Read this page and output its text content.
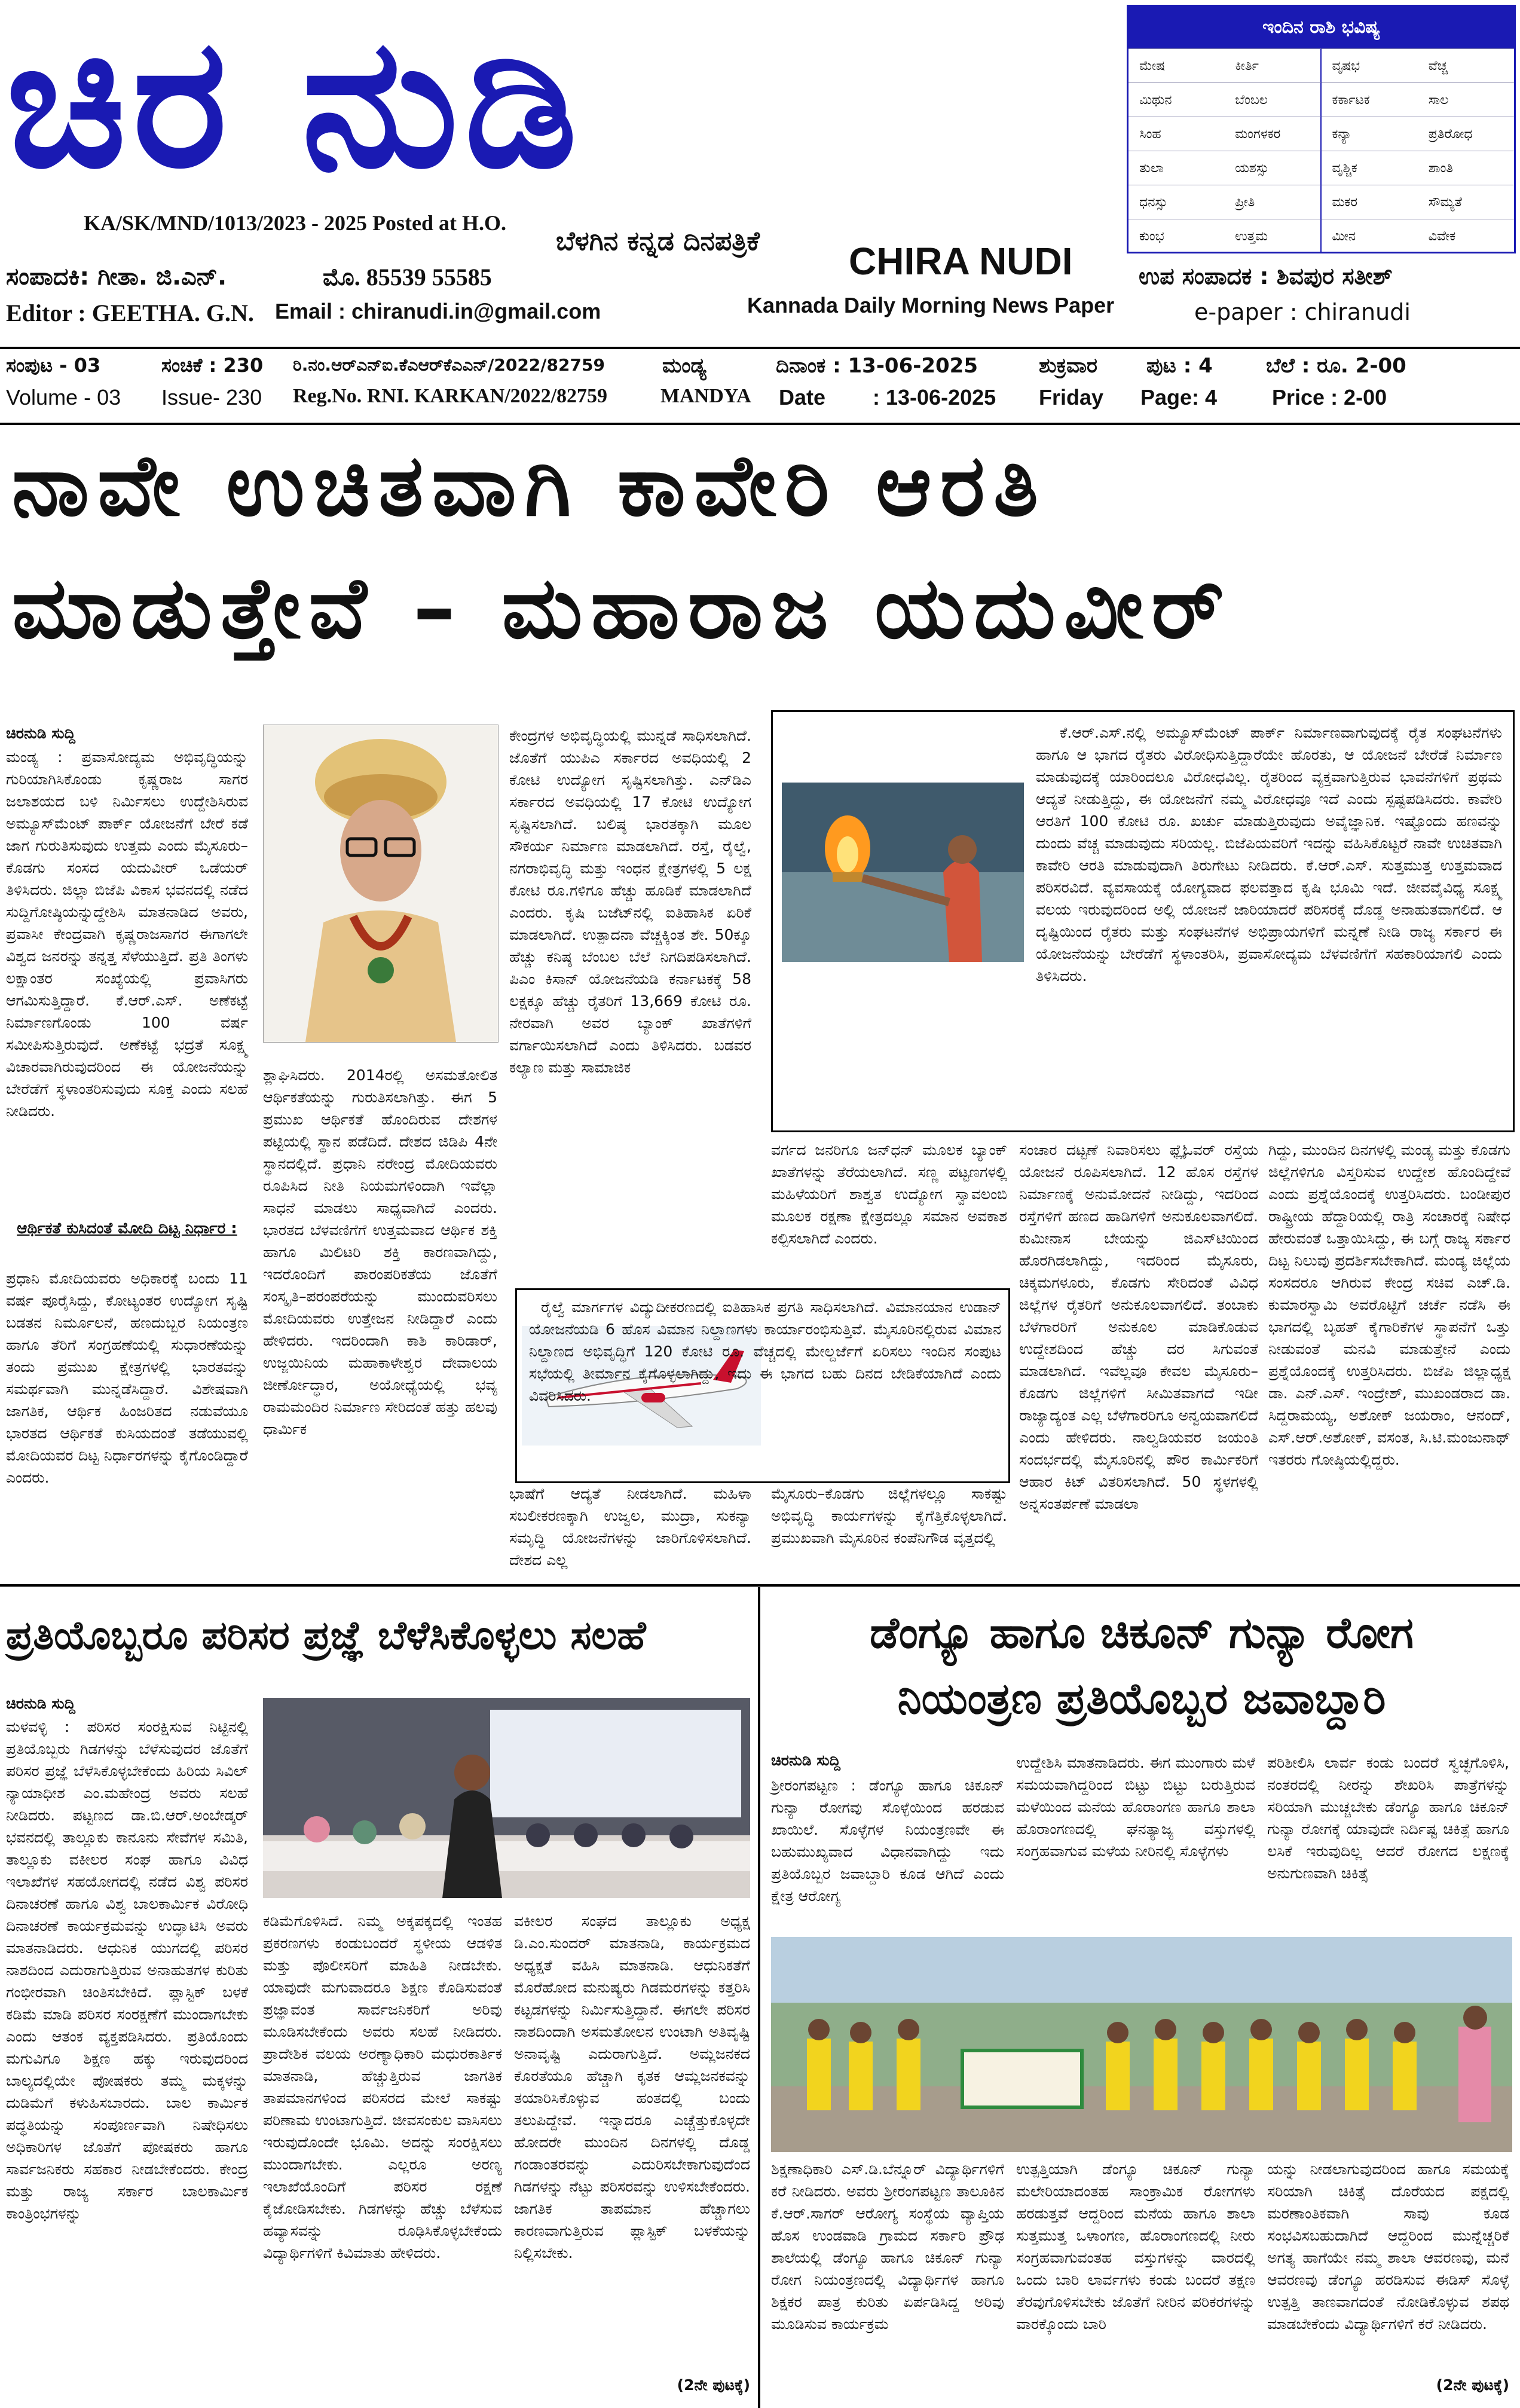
ಚಿರ ನುಡಿ
KA/SK/MND/1013/2023 - 2025 Posted at H.O.
ಬೆಳಗಿನ ಕನ್ನಡ ದಿನಪತ್ರಿಕೆ CHIRA NUDI
Kannada Daily Morning News Paper
ಸಂಪಾದಕಿ: ಗೀತಾ. ಜಿ.ಎನ್.	ಮೊ. 85539 55585
Editor : GEETHA. G.N. Email : chiranudi.in@gmail.com
ಉಪ ಸಂಪಾದಕ : ಶಿವಪುರ ಸತೀಶ್
e-paper : chiranudi
ಇಂದಿನ ರಾಶಿ ಭವಿಷ್ಯ
ಮೇಷ	ಕೀರ್ತಿ	ವೃಷಭ	ವೆಚ್ಚ
ಮಿಥುನ	ಬೆಂಬಲ	ಕರ್ಕಾಟಕ	ಸಾಲ
ಸಿಂಹ	ಮಂಗಳಕರ	ಕನ್ಯಾ	ಪ್ರತಿರೋಧ
ತುಲಾ	ಯಶಸ್ಸು	ವೃಶ್ಚಿಕ	ಶಾಂತಿ
ಧನಸ್ಸು	ಪ್ರೀತಿ	ಮಕರ	ಸೌಮ್ಯತೆ
ಕುಂಭ	ಉತ್ತಮ	ಮೀನ	ವಿವೇಕ
ಸಂಪುಟ - 03	ಸಂಚಿಕೆ : 230 ರಿ.ನಂ.ಆರ್‌ಎನ್‌ಐ.ಕೆಎಆರ್‌ಕೆಎಎನ್/2022/82759	ಮಂಡ್ಯ	ದಿನಾಂಕ : 13-06-2025	ಶುಕ್ರವಾರ ಪುಟ : 4	ಬೆಲೆ : ರೂ. 2-00
Volume - 03 Issue- 230 Reg.No. RNI. KARKAN/2022/82759	MANDYA Date : 13-06-2025 Friday Page: 4	Price : 2-00
ನಾವೇ ಉಚಿತವಾಗಿ ಕಾವೇರಿ ಆರತಿ
ಮಾಡುತ್ತೇವೆ – ಮಹಾರಾಜ ಯದುವೀರ್
ಚಿರನುಡಿ ಸುದ್ದಿ
ಮಂಡ್ಯ : ಪ್ರವಾಸೋದ್ಯಮ ಅಭಿವೃದ್ಧಿಯನ್ನು ಗುರಿಯಾಗಿಸಿಕೊಂಡು ಕೃಷ್ಣರಾಜ ಸಾಗರ ಜಲಾಶಯದ ಬಳಿ ನಿರ್ಮಿಸಲು ಉದ್ದೇಶಿಸಿರುವ ಅಮ್ಯೂಸ್‌ಮೆಂಟ್ ಪಾರ್ಕ್ ಯೋಜನೆಗೆ ಬೇರೆ ಕಡೆ ಜಾಗ ಗುರುತಿಸುವುದು ಉತ್ತಮ ಎಂದು ಮೈಸೂರು–ಕೊಡಗು ಸಂಸದ ಯದುವೀರ್ ಒಡೆಯರ್ ತಿಳಿಸಿದರು. ಜಿಲ್ಲಾ ಬಿಜೆಪಿ ವಿಕಾಸ ಭವನದಲ್ಲಿ ನಡೆದ ಸುದ್ದಿಗೋಷ್ಠಿಯನ್ನುದ್ದೇಶಿಸಿ ಮಾತನಾಡಿದ ಅವರು, ಪ್ರವಾಸೀ ಕೇಂದ್ರವಾಗಿ ಕೃಷ್ಣರಾಜಸಾಗರ ಈಗಾಗಲೇ ವಿಶ್ವದ ಜನರನ್ನು ತನ್ನತ್ತ ಸೆಳೆಯುತ್ತಿದೆ. ಪ್ರತಿ ತಿಂಗಳು ಲಕ್ಷಾಂತರ ಸಂಖ್ಯೆಯಲ್ಲಿ ಪ್ರವಾಸಿಗರು ಆಗಮಿಸುತ್ತಿದ್ದಾರೆ. ಕೆ.ಆರ್.ಎಸ್. ಅಣೆಕಟ್ಟೆ ನಿರ್ಮಾಣಗೊಂಡು 100 ವರ್ಷ ಸಮೀಪಿಸುತ್ತಿರುವುದೆ. ಅಣೆಕಟ್ಟೆ ಭದ್ರತೆ ಸೂಕ್ಷ್ಮ ವಿಚಾರವಾಗಿರುವುದರಿಂದ ಈ ಯೋಜನೆಯನ್ನು ಬೇರೆಡೆಗೆ ಸ್ಥಳಾಂತರಿಸುವುದು ಸೂಕ್ತ ಎಂದು ಸಲಹೆ ನೀಡಿದರು.
ಆರ್ಥಿಕತೆ ಕುಸಿದಂತೆ ಮೋದಿ ದಿಟ್ಟ ನಿರ್ಧಾರ :
ಪ್ರಧಾನಿ ಮೋದಿಯವರು ಅಧಿಕಾರಕ್ಕೆ ಬಂದು 11 ವರ್ಷ ಪೂರೈಸಿದ್ದು, ಕೋಟ್ಯಂತರ ಉದ್ಯೋಗ ಸೃಷ್ಟಿ ಬಡತನ ನಿರ್ಮೂಲನೆ, ಹಣದುಬ್ಬರ ನಿಯಂತ್ರಣ ಹಾಗೂ ತೆರಿಗೆ ಸಂಗ್ರಹಣೆಯಲ್ಲಿ ಸುಧಾರಣೆಯನ್ನು ತಂದು ಪ್ರಮುಖ ಕ್ಷೇತ್ರಗಳಲ್ಲಿ ಭಾರತವನ್ನು ಸಮರ್ಥವಾಗಿ ಮುನ್ನಡೆಸಿದ್ದಾರೆ. ವಿಶೇಷವಾಗಿ ಜಾಗತಿಕ, ಆರ್ಥಿಕ ಹಿಂಜರಿತದ ನಡುವೆಯೂ ಭಾರತದ ಆರ್ಥಿಕತೆ ಕುಸಿಯದಂತೆ ತಡೆಯುವಲ್ಲಿ ಮೋದಿಯವರ ದಿಟ್ಟ ನಿರ್ಧಾರಗಳನ್ನು ಕೈಗೊಂಡಿದ್ದಾರೆ ಎಂದರು.
ಶ್ಲಾಘಿಸಿದರು. 2014ರಲ್ಲಿ ಅಸಮತೋಲಿತ ಆರ್ಥಿಕತೆಯನ್ನು ಗುರುತಿಸಲಾಗಿತ್ತು. ಈಗ 5 ಪ್ರಮುಖ ಆರ್ಥಿಕತೆ ಹೊಂದಿರುವ ದೇಶಗಳ ಪಟ್ಟಿಯಲ್ಲಿ ಸ್ಥಾನ ಪಡೆದಿದೆ. ದೇಶದ ಜಿಡಿಪಿ 4ನೇ ಸ್ಥಾನದಲ್ಲಿದೆ. ಪ್ರಧಾನಿ ನರೇಂದ್ರ ಮೋದಿಯವರು ರೂಪಿಸಿದ ನೀತಿ ನಿಯಮಗಳಿಂದಾಗಿ ಇವೆಲ್ಲಾ ಸಾಧನೆ ಮಾಡಲು ಸಾಧ್ಯವಾಗಿದೆ ಎಂದರು. ಭಾರತದ ಬೆಳವಣಿಗೆಗೆ ಉತ್ತಮವಾದ ಆರ್ಥಿಕ ಶಕ್ತಿ ಹಾಗೂ ಮಿಲಿಟರಿ ಶಕ್ತಿ ಕಾರಣವಾಗಿದ್ದು, ಇದರೊಂದಿಗೆ ಪಾರಂಪರಿಕತೆಯ ಜೊತೆಗೆ ಸಂಸ್ಕೃತಿ–ಪರಂಪರೆಯನ್ನು ಮುಂದುವರಿಸಲು ಮೋದಿಯವರು ಉತ್ತೇಜನ ನೀಡಿದ್ದಾರೆ ಎಂದು ಹೇಳಿದರು. ಇದರಿಂದಾಗಿ ಕಾಶಿ ಕಾರಿಡಾರ್, ಉಜ್ಜಯಿನಿಯ ಮಹಾಕಾಳೇಶ್ವರ ದೇವಾಲಯ ಜೀರ್ಣೋದ್ಧಾರ, ಅಯೋಧ್ಯೆಯಲ್ಲಿ ಭವ್ಯ ರಾಮಮಂದಿರ ನಿರ್ಮಾಣ ಸೇರಿದಂತೆ ಹತ್ತು ಹಲವು ಧಾರ್ಮಿಕ
ಕೇಂದ್ರಗಳ ಅಭಿವೃದ್ಧಿಯಲ್ಲಿ ಮುನ್ನಡೆ ಸಾಧಿಸಲಾಗಿದೆ. ಜೊತೆಗೆ ಯುಪಿಎ ಸರ್ಕಾರದ ಅವಧಿಯಲ್ಲಿ 2 ಕೋಟಿ ಉದ್ಯೋಗ ಸೃಷ್ಟಿಸಲಾಗಿತ್ತು. ಎನ್‌ಡಿಎ ಸರ್ಕಾರದ ಅವಧಿಯಲ್ಲಿ 17 ಕೋಟಿ ಉದ್ಯೋಗ ಸೃಷ್ಟಿಸಲಾಗಿದೆ. ಬಲಿಷ್ಠ ಭಾರತಕ್ಕಾಗಿ ಮೂಲ ಸೌಕರ್ಯ ನಿರ್ಮಾಣ ಮಾಡಲಾಗಿದೆ. ರಸ್ತೆ, ರೈಲ್ವೆ, ನಗರಾಭಿವೃದ್ಧಿ ಮತ್ತು ಇಂಧನ ಕ್ಷೇತ್ರಗಳಲ್ಲಿ 5 ಲಕ್ಷ ಕೋಟಿ ರೂ.ಗಳಿಗೂ ಹೆಚ್ಚು ಹೂಡಿಕೆ ಮಾಡಲಾಗಿದೆ ಎಂದರು. ಕೃಷಿ ಬಜೆಟ್‌ನಲ್ಲಿ ಐತಿಹಾಸಿಕ ಏರಿಕೆ ಮಾಡಲಾಗಿದೆ. ಉತ್ಪಾದನಾ ವೆಚ್ಚಕ್ಕಿಂತ ಶೇ. 50ಕ್ಕೂ ಹೆಚ್ಚು ಕನಿಷ್ಠ ಬೆಂಬಲ ಬೆಲೆ ನಿಗದಿಪಡಿಸಲಾಗಿದೆ. ಪಿಎಂ ಕಿಸಾನ್ ಯೋಜನೆಯಡಿ ಕರ್ನಾಟಕಕ್ಕೆ 58 ಲಕ್ಷಕ್ಕೂ ಹೆಚ್ಚು ರೈತರಿಗೆ 13,669 ಕೋಟಿ ರೂ. ನೇರವಾಗಿ ಅವರ ಬ್ಯಾಂಕ್ ಖಾತೆಗಳಿಗೆ ವರ್ಗಾಯಿಸಲಾಗಿದೆ ಎಂದು ತಿಳಿಸಿದರು. ಬಡವರ ಕಲ್ಯಾಣ ಮತ್ತು ಸಾಮಾಜಿಕ
ಕೆ.ಆರ್.ಎಸ್.ನಲ್ಲಿ ಅಮ್ಯೂಸ್‌ಮೆಂಟ್ ಪಾರ್ಕ್ ನಿರ್ಮಾಣವಾಗುವುದಕ್ಕೆ ರೈತ ಸಂಘಟನೆಗಳು ಹಾಗೂ ಆ ಭಾಗದ ರೈತರು ವಿರೋಧಿಸುತ್ತಿದ್ದಾರೆಯೇ ಹೊರತು, ಆ ಯೋಜನೆ ಬೇರೆಡೆ ನಿರ್ಮಾಣ ಮಾಡುವುದಕ್ಕೆ ಯಾರಿಂದಲೂ ವಿರೋಧವಿಲ್ಲ. ರೈತರಿಂದ ವ್ಯಕ್ತವಾಗುತ್ತಿರುವ ಭಾವನೆಗಳಿಗೆ ಪ್ರಥಮ ಆದ್ಯತೆ ನೀಡುತ್ತಿದ್ದು, ಈ ಯೋಜನೆಗೆ ನಮ್ಮ ವಿರೋಧವೂ ಇದೆ ಎಂದು ಸ್ಪಷ್ಟಪಡಿಸಿದರು. ಕಾವೇರಿ ಆರತಿಗೆ 100 ಕೋಟಿ ರೂ. ಖರ್ಚು ಮಾಡುತ್ತಿರುವುದು ಅವೈಜ್ಞಾನಿಕ. ಇಷ್ಟೊಂದು ಹಣವನ್ನು ದುಂದು ವೆಚ್ಚ ಮಾಡುವುದು ಸರಿಯಲ್ಲ. ಬಿಜೆಪಿಯವರಿಗೆ ಇದನ್ನು ವಹಿಸಿಕೊಟ್ಟರೆ ನಾವೇ ಉಚಿತವಾಗಿ ಕಾವೇರಿ ಆರತಿ ಮಾಡುವುದಾಗಿ ತಿರುಗೇಟು ನೀಡಿದರು. ಕೆ.ಆರ್.ಎಸ್. ಸುತ್ತಮುತ್ತ ಉತ್ತಮವಾದ ಪರಿಸರವಿದೆ. ವ್ಯವಸಾಯಕ್ಕೆ ಯೋಗ್ಯವಾದ ಫಲವತ್ತಾದ ಕೃಷಿ ಭೂಮಿ ಇದೆ. ಜೀವವೈವಿಧ್ಯ ಸೂಕ್ಷ್ಮ ವಲಯ ಇರುವುದರಿಂದ ಅಲ್ಲಿ ಯೋಜನೆ ಜಾರಿಯಾದರೆ ಪರಿಸರಕ್ಕೆ ದೊಡ್ಡ ಅನಾಹುತವಾಗಲಿದೆ. ಆ ದೃಷ್ಟಿಯಿಂದ ರೈತರು ಮತ್ತು ಸಂಘಟನೆಗಳ ಅಭಿಪ್ರಾಯಗಳಿಗೆ ಮನ್ನಣೆ ನೀಡಿ ರಾಜ್ಯ ಸರ್ಕಾರ ಈ ಯೋಜನೆಯನ್ನು ಬೇರೆಡೆಗೆ ಸ್ಥಳಾಂತರಿಸಿ, ಪ್ರವಾಸೋದ್ಯಮ ಬೆಳವಣಿಗೆಗೆ ಸಹಕಾರಿಯಾಗಲಿ ಎಂದು ತಿಳಿಸಿದರು.
ವರ್ಗದ ಜನರಿಗೂ ಜನ್‌ಧನ್ ಮೂಲಕ ಬ್ಯಾಂಕ್ ಖಾತೆಗಳನ್ನು ತೆರೆಯಲಾಗಿದೆ. ಸಣ್ಣ ಪಟ್ಟಣಗಳಲ್ಲಿ ಮಹಿಳೆಯರಿಗೆ ಶಾಶ್ವತ ಉದ್ಯೋಗ ಸ್ವಾವಲಂಬಿ ಮೂಲಕ ರಕ್ಷಣಾ ಕ್ಷೇತ್ರದಲ್ಲೂ ಸಮಾನ ಅವಕಾಶ ಕಲ್ಪಿಸಲಾಗಿದೆ ಎಂದರು.
ಸಂಚಾರ ದಟ್ಟಣೆ ನಿವಾರಿಸಲು ಫ್ಲೈಓವರ್ ರಸ್ತೆಯ ಯೋಜನೆ ರೂಪಿಸಲಾಗಿದೆ. 12 ಹೊಸ ರಸ್ತೆಗಳ ನಿರ್ಮಾಣಕ್ಕೆ ಅನುಮೋದನೆ ನೀಡಿದ್ದು, ಇದರಿಂದ ರಸ್ತೆಗಳಿಗೆ ಹಣದ ಹಾಡಿಗಳಿಗೆ ಅನುಕೂಲವಾಗಲಿದೆ. ಕುಮೀನಾಸ ಬೇಯನ್ನು ಜಿಎಸ್‌ಟಿಯಿಂದ ಹೊರಗಿಡಲಾಗಿದ್ದು, ಇದರಿಂದ ಮೈಸೂರು, ಚಿಕ್ಕಮಗಳೂರು, ಕೊಡಗು ಸೇರಿದಂತೆ ವಿವಿಧ ಜಿಲ್ಲೆಗಳ ರೈತರಿಗೆ ಅನುಕೂಲವಾಗಲಿದೆ. ತಂಬಾಕು ಬೆಳೆಗಾರರಿಗೆ ಅನುಕೂಲ ಮಾಡಿಕೊಡುವ ಉದ್ದೇಶದಿಂದ ಹೆಚ್ಚು ದರ ಸಿಗುವಂತೆ ಮಾಡಲಾಗಿದೆ. ಇವೆಲ್ಲವೂ ಕೇವಲ ಮೈಸೂರು–ಕೊಡಗು ಜಿಲ್ಲೆಗಳಿಗೆ ಸೀಮಿತವಾಗದೆ ಇಡೀ ರಾಜ್ಯಾದ್ಯಂತ ಎಲ್ಲ ಬೆಳೆಗಾರರಿಗೂ ಅನ್ವಯವಾಗಲಿದೆ ಎಂದು ಹೇಳಿದರು. ನಾಲ್ವಡಿಯವರ ಜಯಂತಿ ಸಂದರ್ಭದಲ್ಲಿ ಮೈಸೂರಿನಲ್ಲಿ ಪೌರ ಕಾರ್ಮಿಕರಿಗೆ ಆಹಾರ ಕಿಟ್ ವಿತರಿಸಲಾಗಿದೆ. 50 ಸ್ಥಳಗಳಲ್ಲಿ ಅನ್ನಸಂತರ್ಪಣೆ ಮಾಡಲಾ
ಗಿದ್ದು, ಮುಂದಿನ ದಿನಗಳಲ್ಲಿ ಮಂಡ್ಯ ಮತ್ತು ಕೊಡಗು ಜಿಲ್ಲೆಗಳಿಗೂ ವಿಸ್ತರಿಸುವ ಉದ್ದೇಶ ಹೊಂದಿದ್ದೇವೆ ಎಂದು ಪ್ರಶ್ನೆಯೊಂದಕ್ಕೆ ಉತ್ತರಿಸಿದರು. ಬಂಡೀಪುರ ರಾಷ್ಟ್ರೀಯ ಹೆದ್ದಾರಿಯಲ್ಲಿ ರಾತ್ರಿ ಸಂಚಾರಕ್ಕೆ ನಿಷೇಧ ಹೇರುವಂತೆ ಒತ್ತಾಯಿಸಿದ್ದು, ಈ ಬಗ್ಗೆ ರಾಜ್ಯ ಸರ್ಕಾರ ದಿಟ್ಟ ನಿಲುವು ಪ್ರದರ್ಶಿಸಬೇಕಾಗಿದೆ. ಮಂಡ್ಯ ಜಿಲ್ಲೆಯ ಸಂಸದರೂ ಆಗಿರುವ ಕೇಂದ್ರ ಸಚಿವ ಎಚ್.ಡಿ. ಕುಮಾರಸ್ವಾಮಿ ಅವರೊಟ್ಟಿಗೆ ಚರ್ಚೆ ನಡೆಸಿ ಈ ಭಾಗದಲ್ಲಿ ಬೃಹತ್ ಕೈಗಾರಿಕೆಗಳ ಸ್ಥಾಪನೆಗೆ ಒತ್ತು ನೀಡುವಂತೆ ಮನವಿ ಮಾಡುತ್ತೇನೆ ಎಂದು ಪ್ರಶ್ನೆಯೊಂದಕ್ಕೆ ಉತ್ತರಿಸಿದರು. ಬಿಜೆಪಿ ಜಿಲ್ಲಾಧ್ಯಕ್ಷ ಡಾ. ಎನ್.ಎಸ್. ಇಂದ್ರೇಶ್, ಮುಖಂಡರಾದ ಡಾ. ಸಿದ್ದರಾಮಯ್ಯ, ಅಶೋಕ್ ಜಯರಾಂ, ಆನಂದ್, ಎಸ್.ಆರ್.ಅಶೋಕ್, ವಸಂತ, ಸಿ.ಟಿ.ಮಂಜುನಾಥ್ ಇತರರು ಗೋಷ್ಠಿಯಲ್ಲಿದ್ದರು.
ರೈಲ್ವೆ ಮಾರ್ಗಗಳ ವಿದ್ಯುದೀಕರಣದಲ್ಲಿ ಐತಿಹಾಸಿಕ ಪ್ರಗತಿ ಸಾಧಿಸಲಾಗಿದೆ. ವಿಮಾನಯಾನ ಉಡಾನ್ ಯೋಜನೆಯಡಿ 6 ಹೊಸ ವಿಮಾನ ನಿಲ್ದಾಣಗಳು ಕಾರ್ಯಾರಂಭಿಸುತ್ತಿವೆ. ಮೈಸೂರಿನಲ್ಲಿರುವ ವಿಮಾನ ನಿಲ್ದಾಣದ ಅಭಿವೃದ್ಧಿಗೆ 120 ಕೋಟಿ ರೂ. ವೆಚ್ಚದಲ್ಲಿ ಮೇಲ್ದರ್ಜೆಗೆ ಏರಿಸಲು ಇಂದಿನ ಸಂಪುಟ ಸಭೆಯಲ್ಲಿ ತೀರ್ಮಾನ ಕೈಗೊಳ್ಳಲಾಗಿದ್ದು, ಇದು ಈ ಭಾಗದ ಬಹು ದಿನದ ಬೇಡಿಕೆಯಾಗಿದೆ ಎಂದು ವಿವರಿಸಿದರು.
ಭಾಷೆಗೆ ಆದ್ಯತೆ ನೀಡಲಾಗಿದೆ. ಮಹಿಳಾ ಸಬಲೀಕರಣಕ್ಕಾಗಿ ಉಜ್ವಲ, ಮುದ್ರಾ, ಸುಕನ್ಯಾ ಸಮೃದ್ಧಿ ಯೋಜನೆಗಳನ್ನು ಜಾರಿಗೊಳಿಸಲಾಗಿದೆ. ದೇಶದ ಎಲ್ಲ
ಮೈಸೂರು–ಕೊಡಗು ಜಿಲ್ಲೆಗಳಲ್ಲೂ ಸಾಕಷ್ಟು ಅಭಿವೃದ್ಧಿ ಕಾರ್ಯಗಳನ್ನು ಕೈಗೆತ್ತಿಕೊಳ್ಳಲಾಗಿದೆ. ಪ್ರಮುಖವಾಗಿ ಮೈಸೂರಿನ ಕಂಪೆನಿಗೌಡ ವೃತ್ತದಲ್ಲಿ
ಪ್ರತಿಯೊಬ್ಬರೂ ಪರಿಸರ ಪ್ರಜ್ಞೆ ಬೆಳೆಸಿಕೊಳ್ಳಲು ಸಲಹೆ
ಚಿರನುಡಿ ಸುದ್ದಿ
ಮಳವಳ್ಳಿ : ಪರಿಸರ ಸಂರಕ್ಷಿಸುವ ನಿಟ್ಟಿನಲ್ಲಿ ಪ್ರತಿಯೊಬ್ಬರು ಗಿಡಗಳನ್ನು ಬೆಳೆಸುವುದರ ಜೊತೆಗೆ ಪರಿಸರ ಪ್ರಜ್ಞೆ ಬೆಳೆಸಿಕೊಳ್ಳಬೇಕೆಂದು ಹಿರಿಯ ಸಿವಿಲ್ ನ್ಯಾಯಾಧೀಶ ಎಂ.ಮಹೇಂದ್ರ ಅವರು ಸಲಹೆ ನೀಡಿದರು. ಪಟ್ಟಣದ ಡಾ.ಬಿ.ಆರ್.ಅಂಬೇಡ್ಕರ್ ಭವನದಲ್ಲಿ ತಾಲ್ಲೂಕು ಕಾನೂನು ಸೇವೆಗಳ ಸಮಿತಿ, ತಾಲ್ಲೂಕು ವಕೀಲರ ಸಂಘ ಹಾಗೂ ವಿವಿಧ ಇಲಾಖೆಗಳ ಸಹಯೋಗದಲ್ಲಿ ನಡೆದ ವಿಶ್ವ ಪರಿಸರ ದಿನಾಚರಣೆ ಹಾಗೂ ವಿಶ್ವ ಬಾಲಕಾರ್ಮಿಕ ವಿರೋಧಿ ದಿನಾಚರಣೆ ಕಾರ್ಯಕ್ರಮವನ್ನು ಉದ್ಘಾಟಿಸಿ ಅವರು ಮಾತನಾಡಿದರು. ಆಧುನಿಕ ಯುಗದಲ್ಲಿ ಪರಿಸರ ನಾಶದಿಂದ ಎದುರಾಗುತ್ತಿರುವ ಅನಾಹುತಗಳ ಕುರಿತು ಗಂಭೀರವಾಗಿ ಚಿಂತಿಸಬೇಕಿದೆ. ಪ್ಲಾಸ್ಟಿಕ್ ಬಳಕೆ ಕಡಿಮೆ ಮಾಡಿ ಪರಿಸರ ಸಂರಕ್ಷಣೆಗೆ ಮುಂದಾಗಬೇಕು ಎಂದು ಆತಂಕ ವ್ಯಕ್ತಪಡಿಸಿದರು. ಪ್ರತಿಯೊಂದು ಮಗುವಿಗೂ ಶಿಕ್ಷಣ ಹಕ್ಕು ಇರುವುದರಿಂದ ಬಾಲ್ಯದಲ್ಲಿಯೇ ಪೋಷಕರು ತಮ್ಮ ಮಕ್ಕಳನ್ನು ದುಡಿಮೆಗೆ ಕಳುಹಿಸಬಾರದು. ಬಾಲ ಕಾರ್ಮಿಕ ಪದ್ಧತಿಯನ್ನು ಸಂಪೂರ್ಣವಾಗಿ ನಿಷೇಧಿಸಲು ಅಧಿಕಾರಿಗಳ ಜೊತೆಗೆ ಪೋಷಕರು ಹಾಗೂ ಸಾರ್ವಜನಿಕರು ಸಹಕಾರ ನೀಡಬೇಕೆಂದರು. ಕೇಂದ್ರ ಮತ್ತು ರಾಜ್ಯ ಸರ್ಕಾರ ಬಾಲಕಾರ್ಮಿಕ ಕಾಂತ್ರಿಂಭಗಳನ್ನು
ಕಡಿಮೆಗೊಳಿಸಿದೆ. ನಿಮ್ಮ ಅಕ್ಕಪಕ್ಕದಲ್ಲಿ ಇಂತಹ ಪ್ರಕರಣಗಳು ಕಂಡುಬಂದರೆ ಸ್ಥಳೀಯ ಆಡಳಿತ ಮತ್ತು ಪೊಲೀಸರಿಗೆ ಮಾಹಿತಿ ನೀಡಬೇಕು. ಯಾವುದೇ ಮಗುವಾದರೂ ಶಿಕ್ಷಣ ಕೊಡಿಸುವಂತೆ ಪ್ರಜ್ಞಾವಂತ ಸಾರ್ವಜನಿಕರಿಗೆ ಅರಿವು ಮೂಡಿಸಬೇಕೆಂದು ಅವರು ಸಲಹೆ ನೀಡಿದರು. ಪ್ರಾದೇಶಿಕ ವಲಯ ಅರಣ್ಯಾಧಿಕಾರಿ ಮಧುರಕಾರ್ತಿಕ ಮಾತನಾಡಿ, ಹೆಚ್ಚುತ್ತಿರುವ ಜಾಗತಿಕ ತಾಪಮಾನಗಳಿಂದ ಪರಿಸರದ ಮೇಲೆ ಸಾಕಷ್ಟು ಪರಿಣಾಮ ಉಂಟಾಗುತ್ತಿದೆ. ಜೀವಸಂಕುಲ ವಾಸಿಸಲು ಇರುವುದೊಂದೇ ಭೂಮಿ. ಅದನ್ನು ಸಂರಕ್ಷಿಸಲು ಮುಂದಾಗಬೇಕು. ಎಲ್ಲರೂ ಅರಣ್ಯ ಇಲಾಖೆಯೊಂದಿಗೆ ಪರಿಸರ ರಕ್ಷಣೆ ಕೈಜೋಡಿಸಬೇಕು. ಗಿಡಗಳನ್ನು ಹೆಚ್ಚು ಬೆಳೆಸುವ ಹವ್ಯಾಸವನ್ನು ರೂಢಿಸಿಕೊಳ್ಳಬೇಕೆಂದು ವಿದ್ಯಾರ್ಥಿಗಳಿಗೆ ಕಿವಿಮಾತು ಹೇಳಿದರು.
ವಕೀಲರ ಸಂಘದ ತಾಲ್ಲೂಕು ಅಧ್ಯಕ್ಷ ಡಿ.ಎಂ.ಸುಂದರ್ ಮಾತನಾಡಿ, ಕಾರ್ಯಕ್ರಮದ ಅಧ್ಯಕ್ಷತೆ ವಹಿಸಿ ಮಾತನಾಡಿ. ಆಧುನಿಕತೆಗೆ ಮೊರೆಹೋದ ಮನುಷ್ಯರು ಗಿಡಮರಗಳನ್ನು ಕತ್ತರಿಸಿ ಕಟ್ಟಡಗಳನ್ನು ನಿರ್ಮಿಸುತ್ತಿದ್ದಾನೆ. ಈಗಲೇ ಪರಿಸರ ನಾಶದಿಂದಾಗಿ ಅಸಮತೋಲನ ಉಂಟಾಗಿ ಅತಿವೃಷ್ಟಿ ಅನಾವೃಷ್ಟಿ ಎದುರಾಗುತ್ತಿದೆ. ಅಮ್ಲಜನಕದ ಕೊರತೆಯೂ ಹೆಚ್ಚಾಗಿ ಕೃತಕ ಆಮ್ಲಜನಕವನ್ನು ತಯಾರಿಸಿಕೊಳ್ಳುವ ಹಂತದಲ್ಲಿ ಬಂದು ತಲುಪಿದ್ದೇವೆ. ಇನ್ನಾದರೂ ಎಚ್ಚೆತ್ತುಕೊಳ್ಳದೇ ಹೋದರೇ ಮುಂದಿನ ದಿನಗಳಲ್ಲಿ ದೊಡ್ಡ ಗಂಡಾಂತರವನ್ನು ಎದುರಿಸಬೇಕಾಗುವುದೆಂದ ಗಿಡಗಳನ್ನು ನೆಟ್ಟು ಪರಿಸರವನ್ನು ಉಳಿಸಬೇಕೆಂದರು. ಜಾಗತಿಕ ತಾಪಮಾನ ಹೆಚ್ಚಾಗಲು ಕಾರಣವಾಗುತ್ತಿರುವ ಪ್ಲಾಸ್ಟಿಕ್ ಬಳಕೆಯನ್ನು ನಿಲ್ಲಿಸಬೇಕು.
(2ನೇ ಪುಟಕ್ಕೆ)
ಡೆಂಗ್ಯೂ ಹಾಗೂ ಚಿಕೂನ್ ಗುನ್ಯಾ ರೋಗ
ನಿಯಂತ್ರಣ ಪ್ರತಿಯೊಬ್ಬರ ಜವಾಬ್ದಾರಿ
ಚಿರನುಡಿ ಸುದ್ದಿ
ಶ್ರೀರಂಗಪಟ್ಟಣ : ಡೆಂಗ್ಯೂ ಹಾಗೂ ಚಿಕೂನ್ ಗುನ್ಯಾ ರೋಗವು ಸೊಳ್ಳೆಯಿಂದ ಹರಡುವ ಖಾಯಿಲೆ. ಸೊಳ್ಳೆಗಳ ನಿಯಂತ್ರಣವೇ ಈ ಬಹುಮುಖ್ಯವಾದ ವಿಧಾನವಾಗಿದ್ದು ಇದು ಪ್ರತಿಯೊಬ್ಬರ ಜವಾಬ್ದಾರಿ ಕೂಡ ಆಗಿದೆ ಎಂದು ಕ್ಷೇತ್ರ ಆರೋಗ್ಯ
ಉದ್ದೇಶಿಸಿ ಮಾತನಾಡಿದರು. ಈಗ ಮುಂಗಾರು ಮಳೆ ಸಮಯವಾಗಿದ್ದರಿಂದ ಬಿಟ್ಟು ಬಿಟ್ಟು ಬರುತ್ತಿರುವ ಮಳೆಯಿಂದ ಮನೆಯ ಹೊರಾಂಗಣ ಹಾಗೂ ಶಾಲಾ ಹೊರಾಂಗಣದಲ್ಲಿ ಘನತ್ಯಾಜ್ಯ ವಸ್ತುಗಳಲ್ಲಿ ಸಂಗ್ರಹವಾಗುವ ಮಳೆಯ ನೀರಿನಲ್ಲಿ ಸೊಳ್ಳೆಗಳು
ಪರಿಶೀಲಿಸಿ ಲಾರ್ವ ಕಂಡು ಬಂದರೆ ಸ್ವಚ್ಛಗೊಳಿಸಿ, ನಂತರದಲ್ಲಿ ನೀರನ್ನು ಶೇಖರಿಸಿ ಪಾತ್ರೆಗಳನ್ನು ಸರಿಯಾಗಿ ಮುಚ್ಚಬೇಕು ಡೆಂಗ್ಯೂ ಹಾಗೂ ಚಿಕೂನ್ ಗುನ್ಯಾ ರೋಗಕ್ಕೆ ಯಾವುದೇ ನಿರ್ದಿಷ್ಟ ಚಿಕಿತ್ಸೆ ಹಾಗೂ ಲಸಿಕೆ ಇರುವುದಿಲ್ಲ ಆದರೆ ರೋಗದ ಲಕ್ಷಣಕ್ಕೆ ಅನುಗುಣವಾಗಿ ಚಿಕಿತ್ಸೆ
ಶಿಕ್ಷಣಾಧಿಕಾರಿ ಎಸ್.ಡಿ.ಬೆನ್ನೂರ್ ವಿದ್ಯಾರ್ಥಿಗಳಿಗೆ ಕರೆ ನೀಡಿದರು. ಅವರು ಶ್ರೀರಂಗಪಟ್ಟಣ ತಾಲೂಕಿನ ಕೆ.ಆರ್.ಸಾಗರ್ ಆರೋಗ್ಯ ಸಂಸ್ಥೆಯ ವ್ಯಾಪ್ತಿಯ ಹೊಸ ಉಂಡವಾಡಿ ಗ್ರಾಮದ ಸರ್ಕಾರಿ ಪ್ರೌಢ ಶಾಲೆಯಲ್ಲಿ ಡೆಂಗ್ಯೂ ಹಾಗೂ ಚಿಕೂನ್ ಗುನ್ಯಾ ರೋಗ ನಿಯಂತ್ರಣದಲ್ಲಿ ವಿದ್ಯಾರ್ಥಿಗಳ ಹಾಗೂ ಶಿಕ್ಷಕರ ಪಾತ್ರ ಕುರಿತು ಏರ್ಪಡಿಸಿದ್ದ ಅರಿವು ಮೂಡಿಸುವ ಕಾರ್ಯಕ್ರಮ
ಉತ್ಪತ್ತಿಯಾಗಿ ಡೆಂಗ್ಯೂ ಚಿಕೂನ್ ಗುನ್ಯಾ ಮಲೇರಿಯಾದಂತಹ ಸಾಂಕ್ರಾಮಿಕ ರೋಗಗಳು ಹರಡುತ್ತವೆ ಆದ್ದರಿಂದ ಮನೆಯ ಹಾಗೂ ಶಾಲಾ ಸುತ್ತಮುತ್ತ ಒಳಾಂಗಣ, ಹೊರಾಂಗಣದಲ್ಲಿ ನೀರು ಸಂಗ್ರಹವಾಗುವಂತಹ ವಸ್ತುಗಳನ್ನು ವಾರದಲ್ಲಿ ಒಂದು ಬಾರಿ ಲಾರ್ವಗಳು ಕಂಡು ಬಂದರೆ ತಕ್ಷಣ ತೆರವುಗೊಳಿಸಬೇಕು ಜೊತೆಗೆ ನೀರಿನ ಪರಿಕರಗಳನ್ನು ವಾರಕ್ಕೊಂದು ಬಾರಿ
ಯನ್ನು ನೀಡಲಾಗುವುದರಿಂದ ಹಾಗೂ ಸಮಯಕ್ಕೆ ಸರಿಯಾಗಿ ಚಿಕಿತ್ಸೆ ದೊರೆಯದ ಪಕ್ಷದಲ್ಲಿ ಮರಣಾಂತಿಕವಾಗಿ ಸಾವು ಕೂಡ ಸಂಭವಿಸಬಹುದಾಗಿದೆ ಆದ್ದರಿಂದ ಮುನ್ನೆಚ್ಚರಿಕೆ ಅಗತ್ಯ ಹಾಗೆಯೇ ನಮ್ಮ ಶಾಲಾ ಆವರಣವು, ಮನೆ ಆವರಣವು ಡೆಂಗ್ಯೂ ಹರಡಿಸುವ ಈಡಿಸ್ ಸೊಳ್ಳೆ ಉತ್ಪತ್ತಿ ತಾಣವಾಗದಂತೆ ನೋಡಿಕೊಳ್ಳುವ ಶಪಥ ಮಾಡಬೇಕೆಂದು ವಿದ್ಯಾರ್ಥಿಗಳಿಗೆ ಕರೆ ನೀಡಿದರು.
(2ನೇ ಪುಟಕ್ಕೆ)
